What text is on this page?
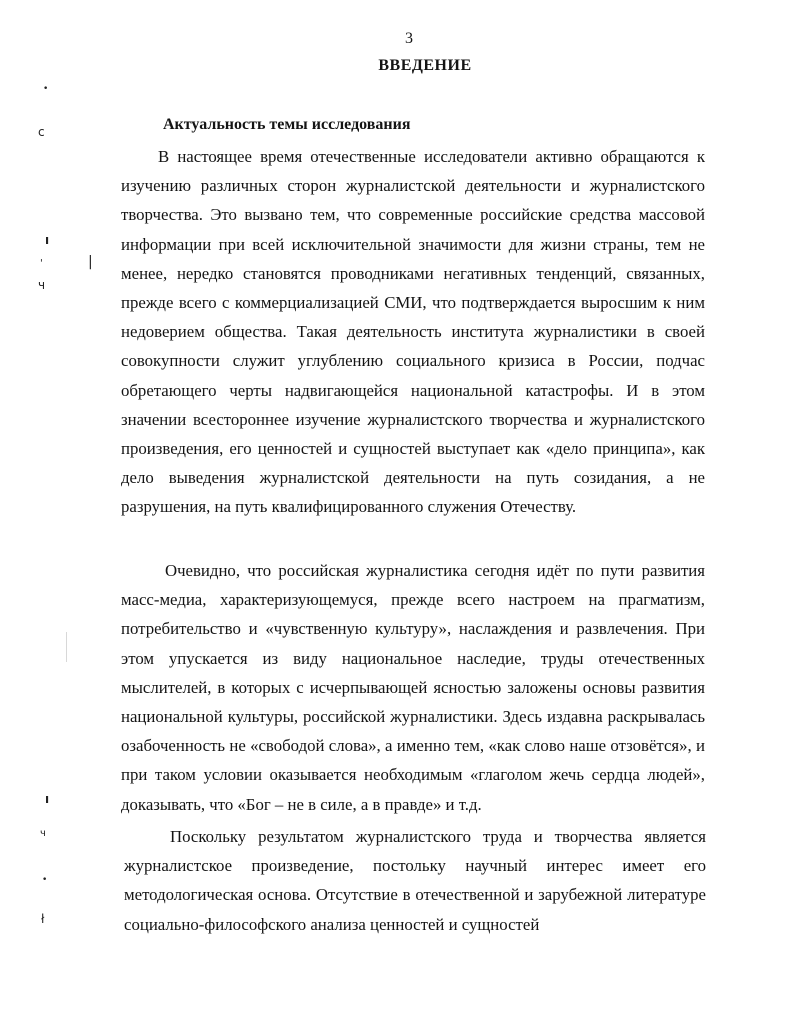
3
ВВЕДЕНИЕ
Актуальность темы исследования

В настоящее время отечественные исследователи активно обращаются к изучению различных сторон журналистской деятельности и журналистского творчества. Это вызвано тем, что современные российские средства массовой информации при всей исключительной значимости для жизни страны, тем не менее, нередко становятся проводниками негативных тенденций, связанных, прежде всего с коммерциализацией СМИ, что подтверждается выросшим к ним недоверием общества. Такая деятельность института журналистики в своей совокупности служит углублению социального кризиса в России, подчас обретающего черты надвигающейся национальной катастрофы. И в этом значении всестороннее изучение журналистского творчества и журналистского произведения, его ценностей и сущностей выступает как «дело принципа», как дело выведения журналистской деятельности на путь созидания, а не разрушения, на путь квалифицированного служения Отечеству.

Очевидно, что российская журналистика сегодня идёт по пути развития масс-медиа, характеризующемуся, прежде всего настроем на прагматизм, потребительство и «чувственную культуру», наслаждения и развлечения. При этом упускается из виду национальное наследие, труды отечественных мыслителей, в которых с исчерпывающей ясностью заложены основы развития национальной культуры, российской журналистики. Здесь издавна раскрывалась озабоченность не «свободой слова», а именно тем, «как слово наше отзовётся», и при таком условии оказывается необходимым «глаголом жечь сердца людей», доказывать, что «Бог – не в силе, а в правде» и т.д.

Поскольку результатом журналистского труда и творчества является журналистское произведение, постольку научный интерес имеет его методологическая основа. Отсутствие в отечественной и зарубежной литературе социально-философского анализа ценностей и сущностей

•
c
ı
'
ч
|
ı
ч
•
ł
